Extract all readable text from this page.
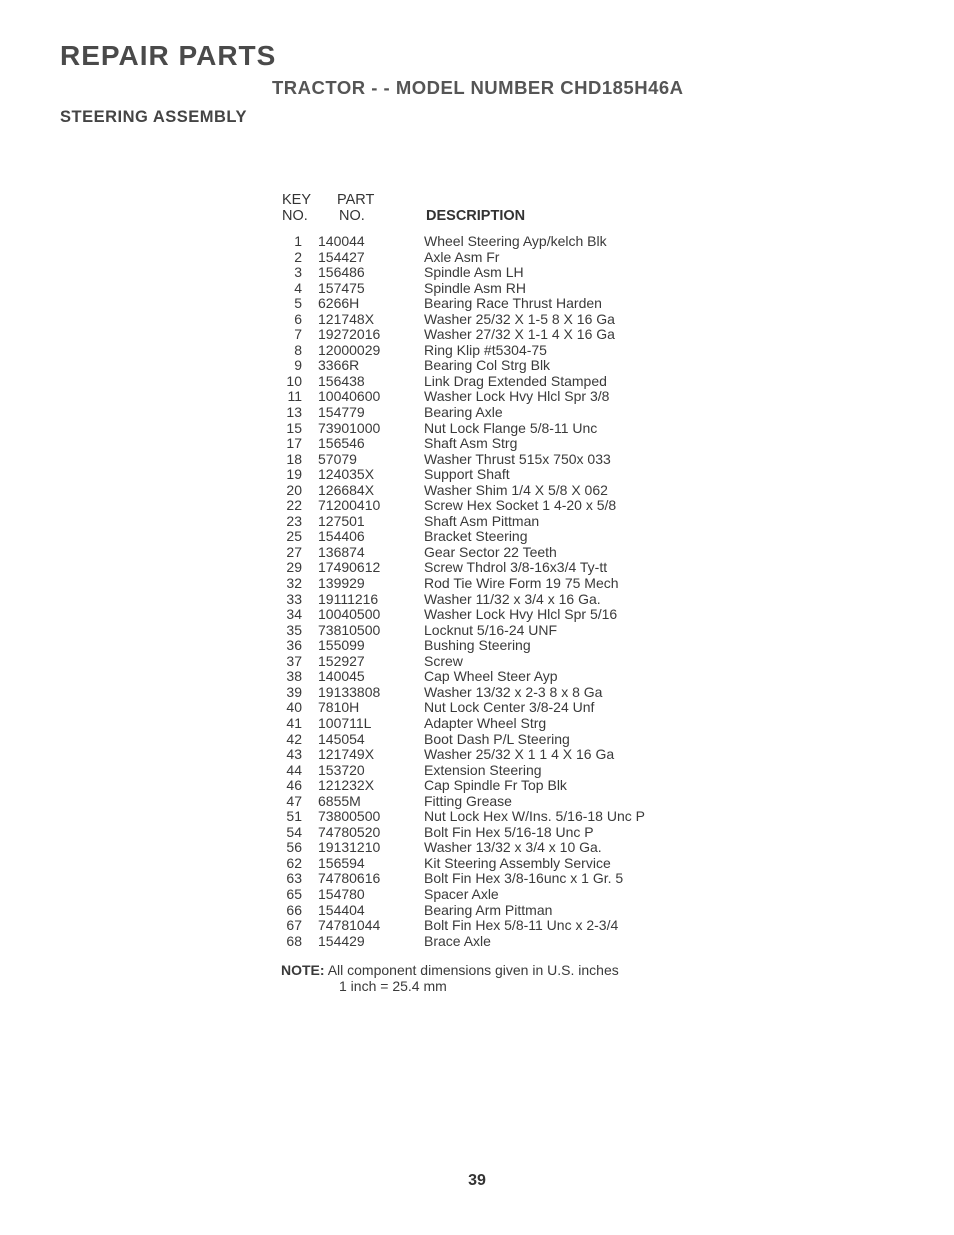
REPAIR PARTS
TRACTOR - - MODEL NUMBER CHD185H46A
STEERING ASSEMBLY
KEY
NO.
PART
NO.	DESCRIPTION
1 140044	Wheel Steering Ayp/kelch Blk
2 154427	Axle Asm Fr
3 156486	Spindle Asm LH
4 157475	Spindle Asm RH
5 6266H	Bearing Race Thrust Harden
6 121748X	Washer 25/32 X 1-5 8 X 16 Ga
7 19272016	Washer 27/32 X 1-1 4 X 16 Ga
8 12000029	Ring Klip #t5304-75
9 3366R	Bearing Col Strg Blk
10 156438	Link Drag Extended Stamped
11 10040600	Washer Lock Hvy Hlcl Spr 3/8
13 154779	Bearing Axle
15 73901000	Nut Lock Flange 5/8-11 Unc
17 156546	Shaft Asm Strg
18 57079	Washer Thrust 515x 750x 033
19 124035X	Support Shaft
20 126684X	Washer Shim 1/4 X 5/8 X 062
22 71200410	Screw Hex Socket 1 4-20 x 5/8
23 127501	Shaft Asm Pittman
25 154406	Bracket Steering
27 136874	Gear Sector 22 Teeth
29 17490612	Screw Thdrol 3/8-16x3/4 Ty-tt
32 139929	Rod Tie Wire Form 19 75 Mech
33 19111216	Washer 11/32 x 3/4 x 16 Ga.
34 10040500	Washer Lock Hvy Hlcl Spr 5/16
35 73810500	Locknut 5/16-24 UNF
36 155099	Bushing Steering
37 152927	Screw
38 140045	Cap Wheel Steer Ayp
39 19133808	Washer 13/32 x 2-3 8 x 8 Ga
40 7810H	Nut Lock Center 3/8-24 Unf
41 100711L	Adapter Wheel Strg
42 145054	Boot Dash P/L Steering
43 121749X	Washer 25/32 X 1 1 4 X 16 Ga
44 153720	Extension Steering
46 121232X	Cap Spindle Fr Top Blk
47 6855M	Fitting Grease
51 73800500	Nut Lock Hex W/Ins. 5/16-18 Unc P
54 74780520	Bolt Fin Hex 5/16-18 Unc P
56 19131210	Washer 13/32 x 3/4 x 10 Ga.
62 156594	Kit Steering Assembly Service
63 74780616	Bolt Fin Hex 3/8-16unc x 1 Gr. 5
65 154780	Spacer Axle
66 154404	Bearing Arm Pittman
67 74781044	Bolt Fin Hex 5/8-11 Unc x 2-3/4
68 154429	Brace Axle
NOTE: All component dimensions given in U.S. inches
1 inch = 25.4 mm
39
